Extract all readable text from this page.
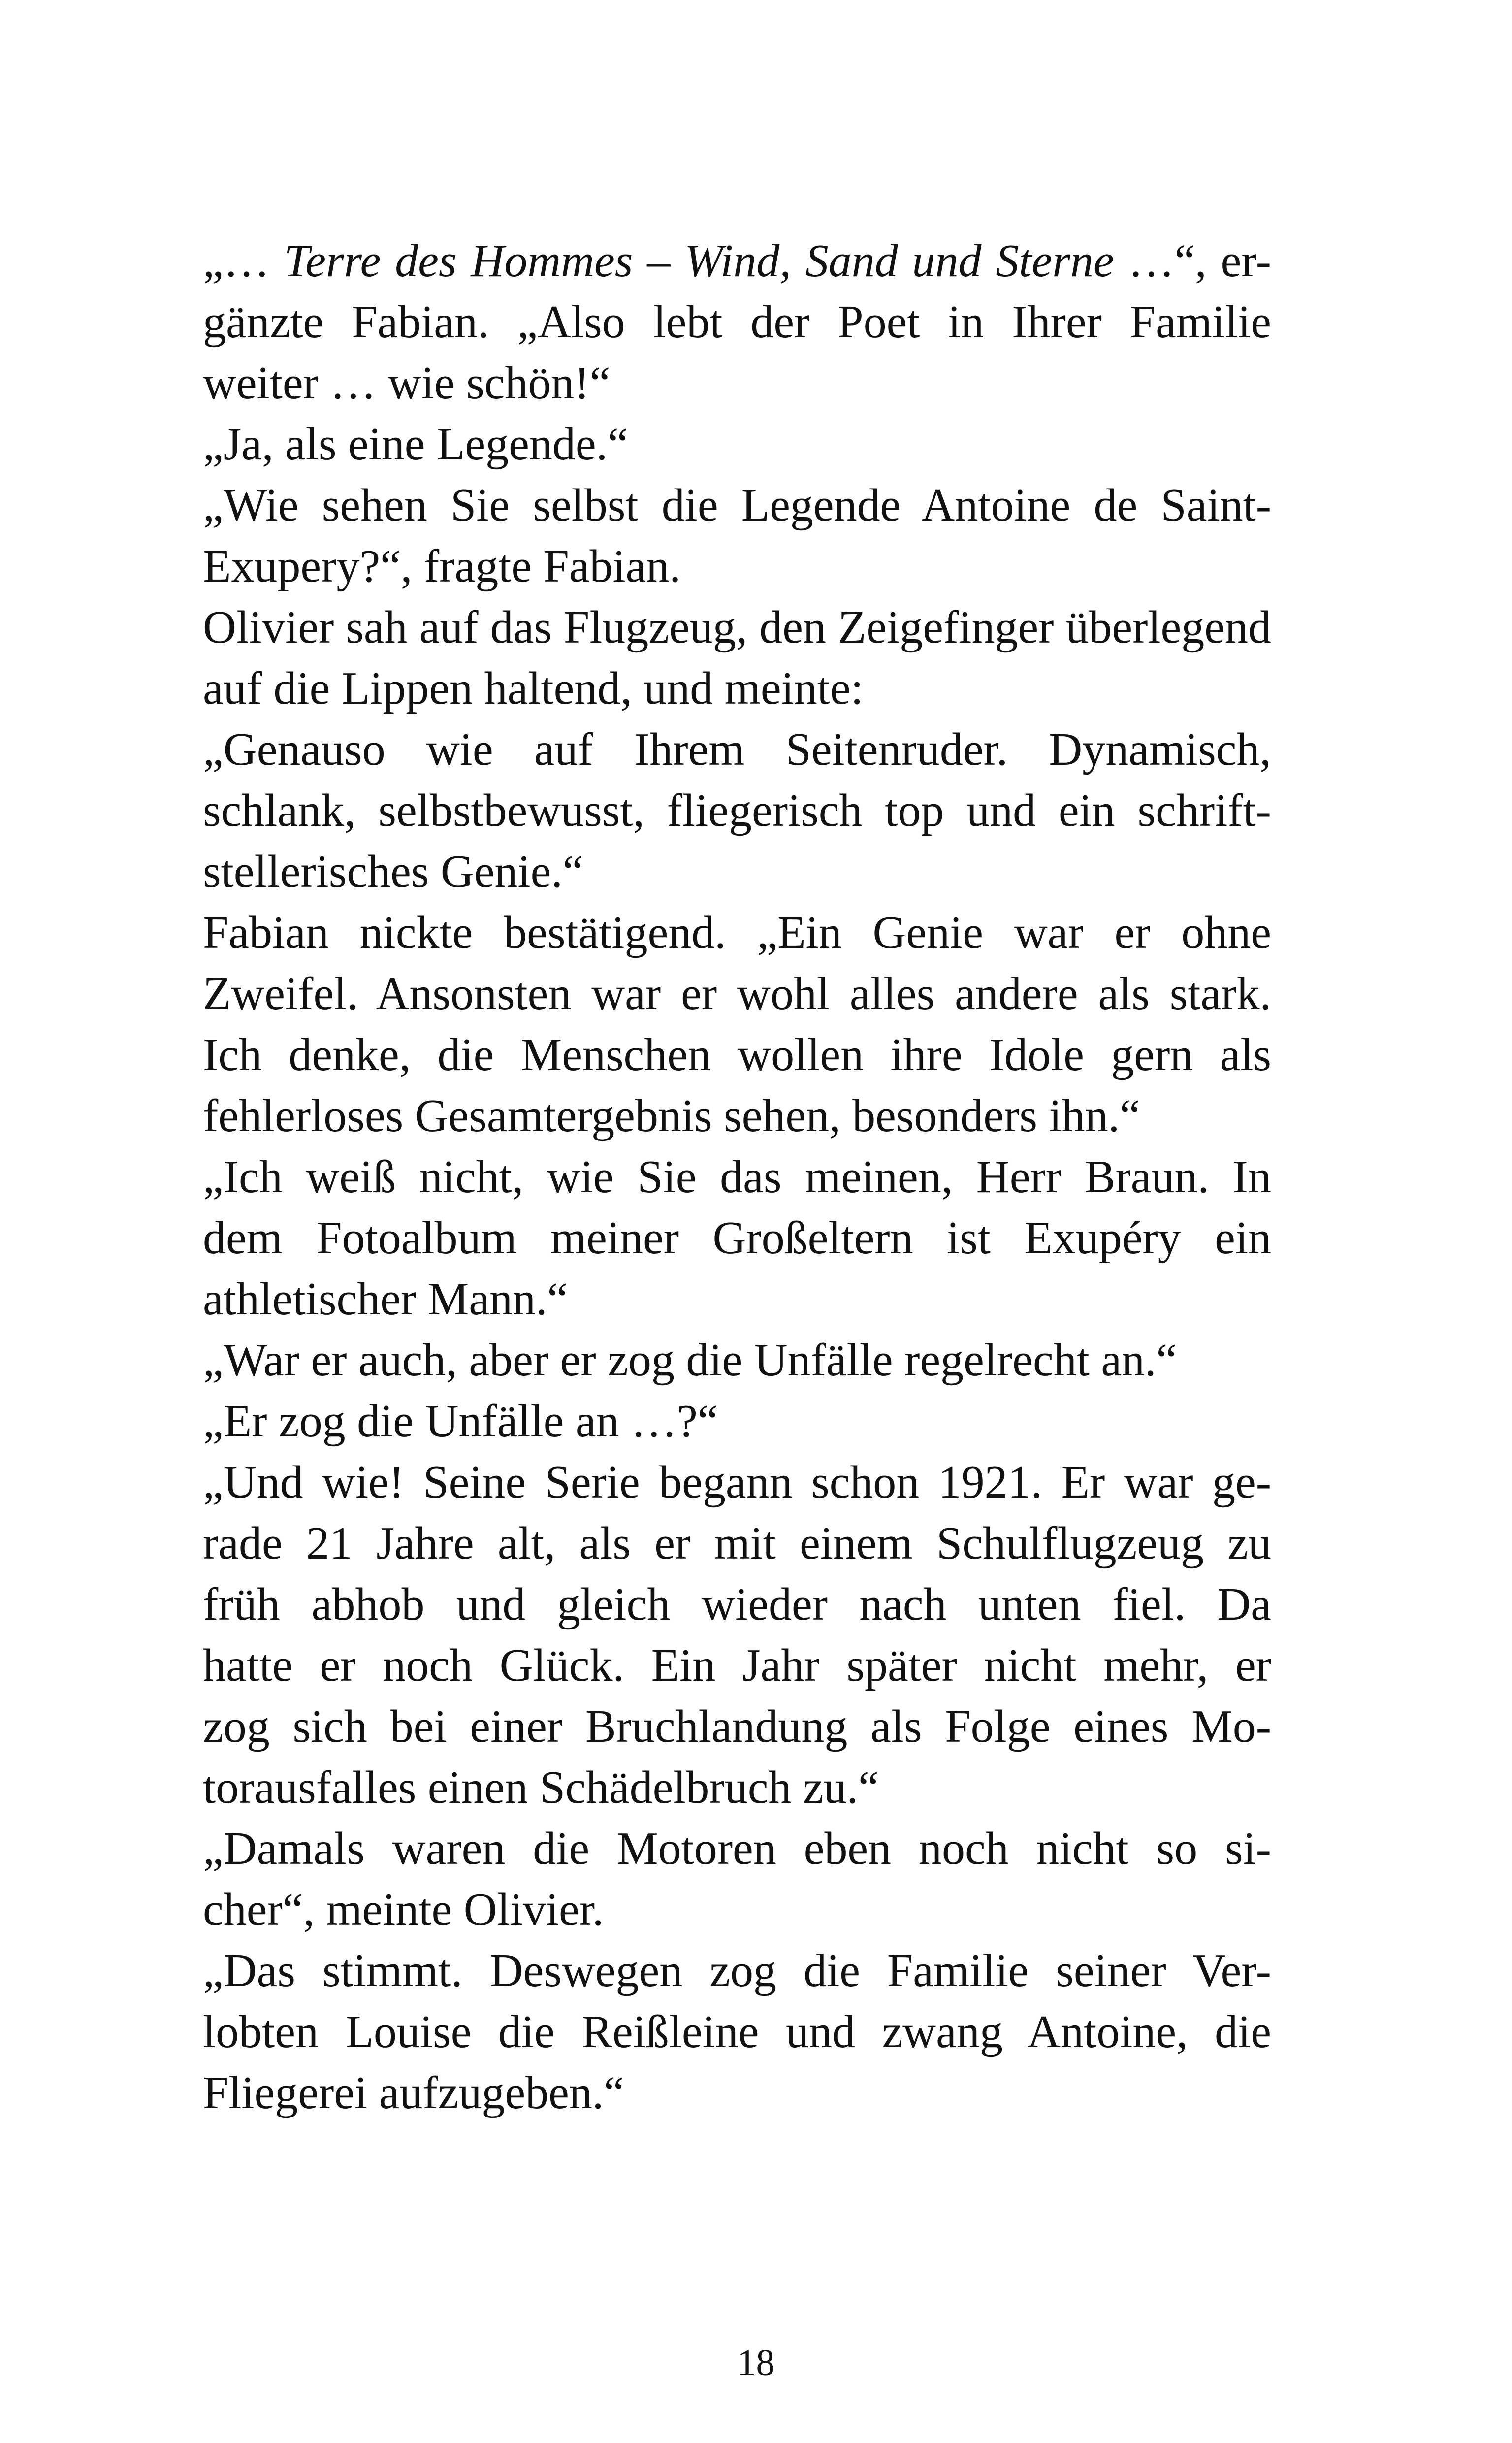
„… Terre des Hommes – Wind, Sand und Sterne …“, er-
gänzte Fabian. „Also lebt der Poet in Ihrer Familie
weiter … wie schön!“
„Ja, als eine Legende.“
„Wie sehen Sie selbst die Legende Antoine de Saint-
Exupery?“, fragte Fabian.
Olivier sah auf das Flugzeug, den Zeigefinger überlegend
auf die Lippen haltend, und meinte:
„Genauso wie auf Ihrem Seitenruder. Dynamisch,
schlank, selbstbewusst, fliegerisch top und ein schrift-
stellerisches Genie.“
Fabian nickte bestätigend. „Ein Genie war er ohne
Zweifel. Ansonsten war er wohl alles andere als stark.
Ich denke, die Menschen wollen ihre Idole gern als
fehlerloses Gesamtergebnis sehen, besonders ihn.“
„Ich weiß nicht, wie Sie das meinen, Herr Braun. In
dem Fotoalbum meiner Großeltern ist Exupéry ein
athletischer Mann.“
„War er auch, aber er zog die Unfälle regelrecht an.“
„Er zog die Unfälle an …?“
„Und wie! Seine Serie begann schon 1921. Er war ge-
rade 21 Jahre alt, als er mit einem Schulflugzeug zu
früh abhob und gleich wieder nach unten fiel. Da
hatte er noch Glück. Ein Jahr später nicht mehr, er
zog sich bei einer Bruchlandung als Folge eines Mo-
torausfalles einen Schädelbruch zu.“
„Damals waren die Motoren eben noch nicht so si-
cher“, meinte Olivier.
„Das stimmt. Deswegen zog die Familie seiner Ver-
lobten Louise die Reißleine und zwang Antoine, die
Fliegerei aufzugeben.“
18
